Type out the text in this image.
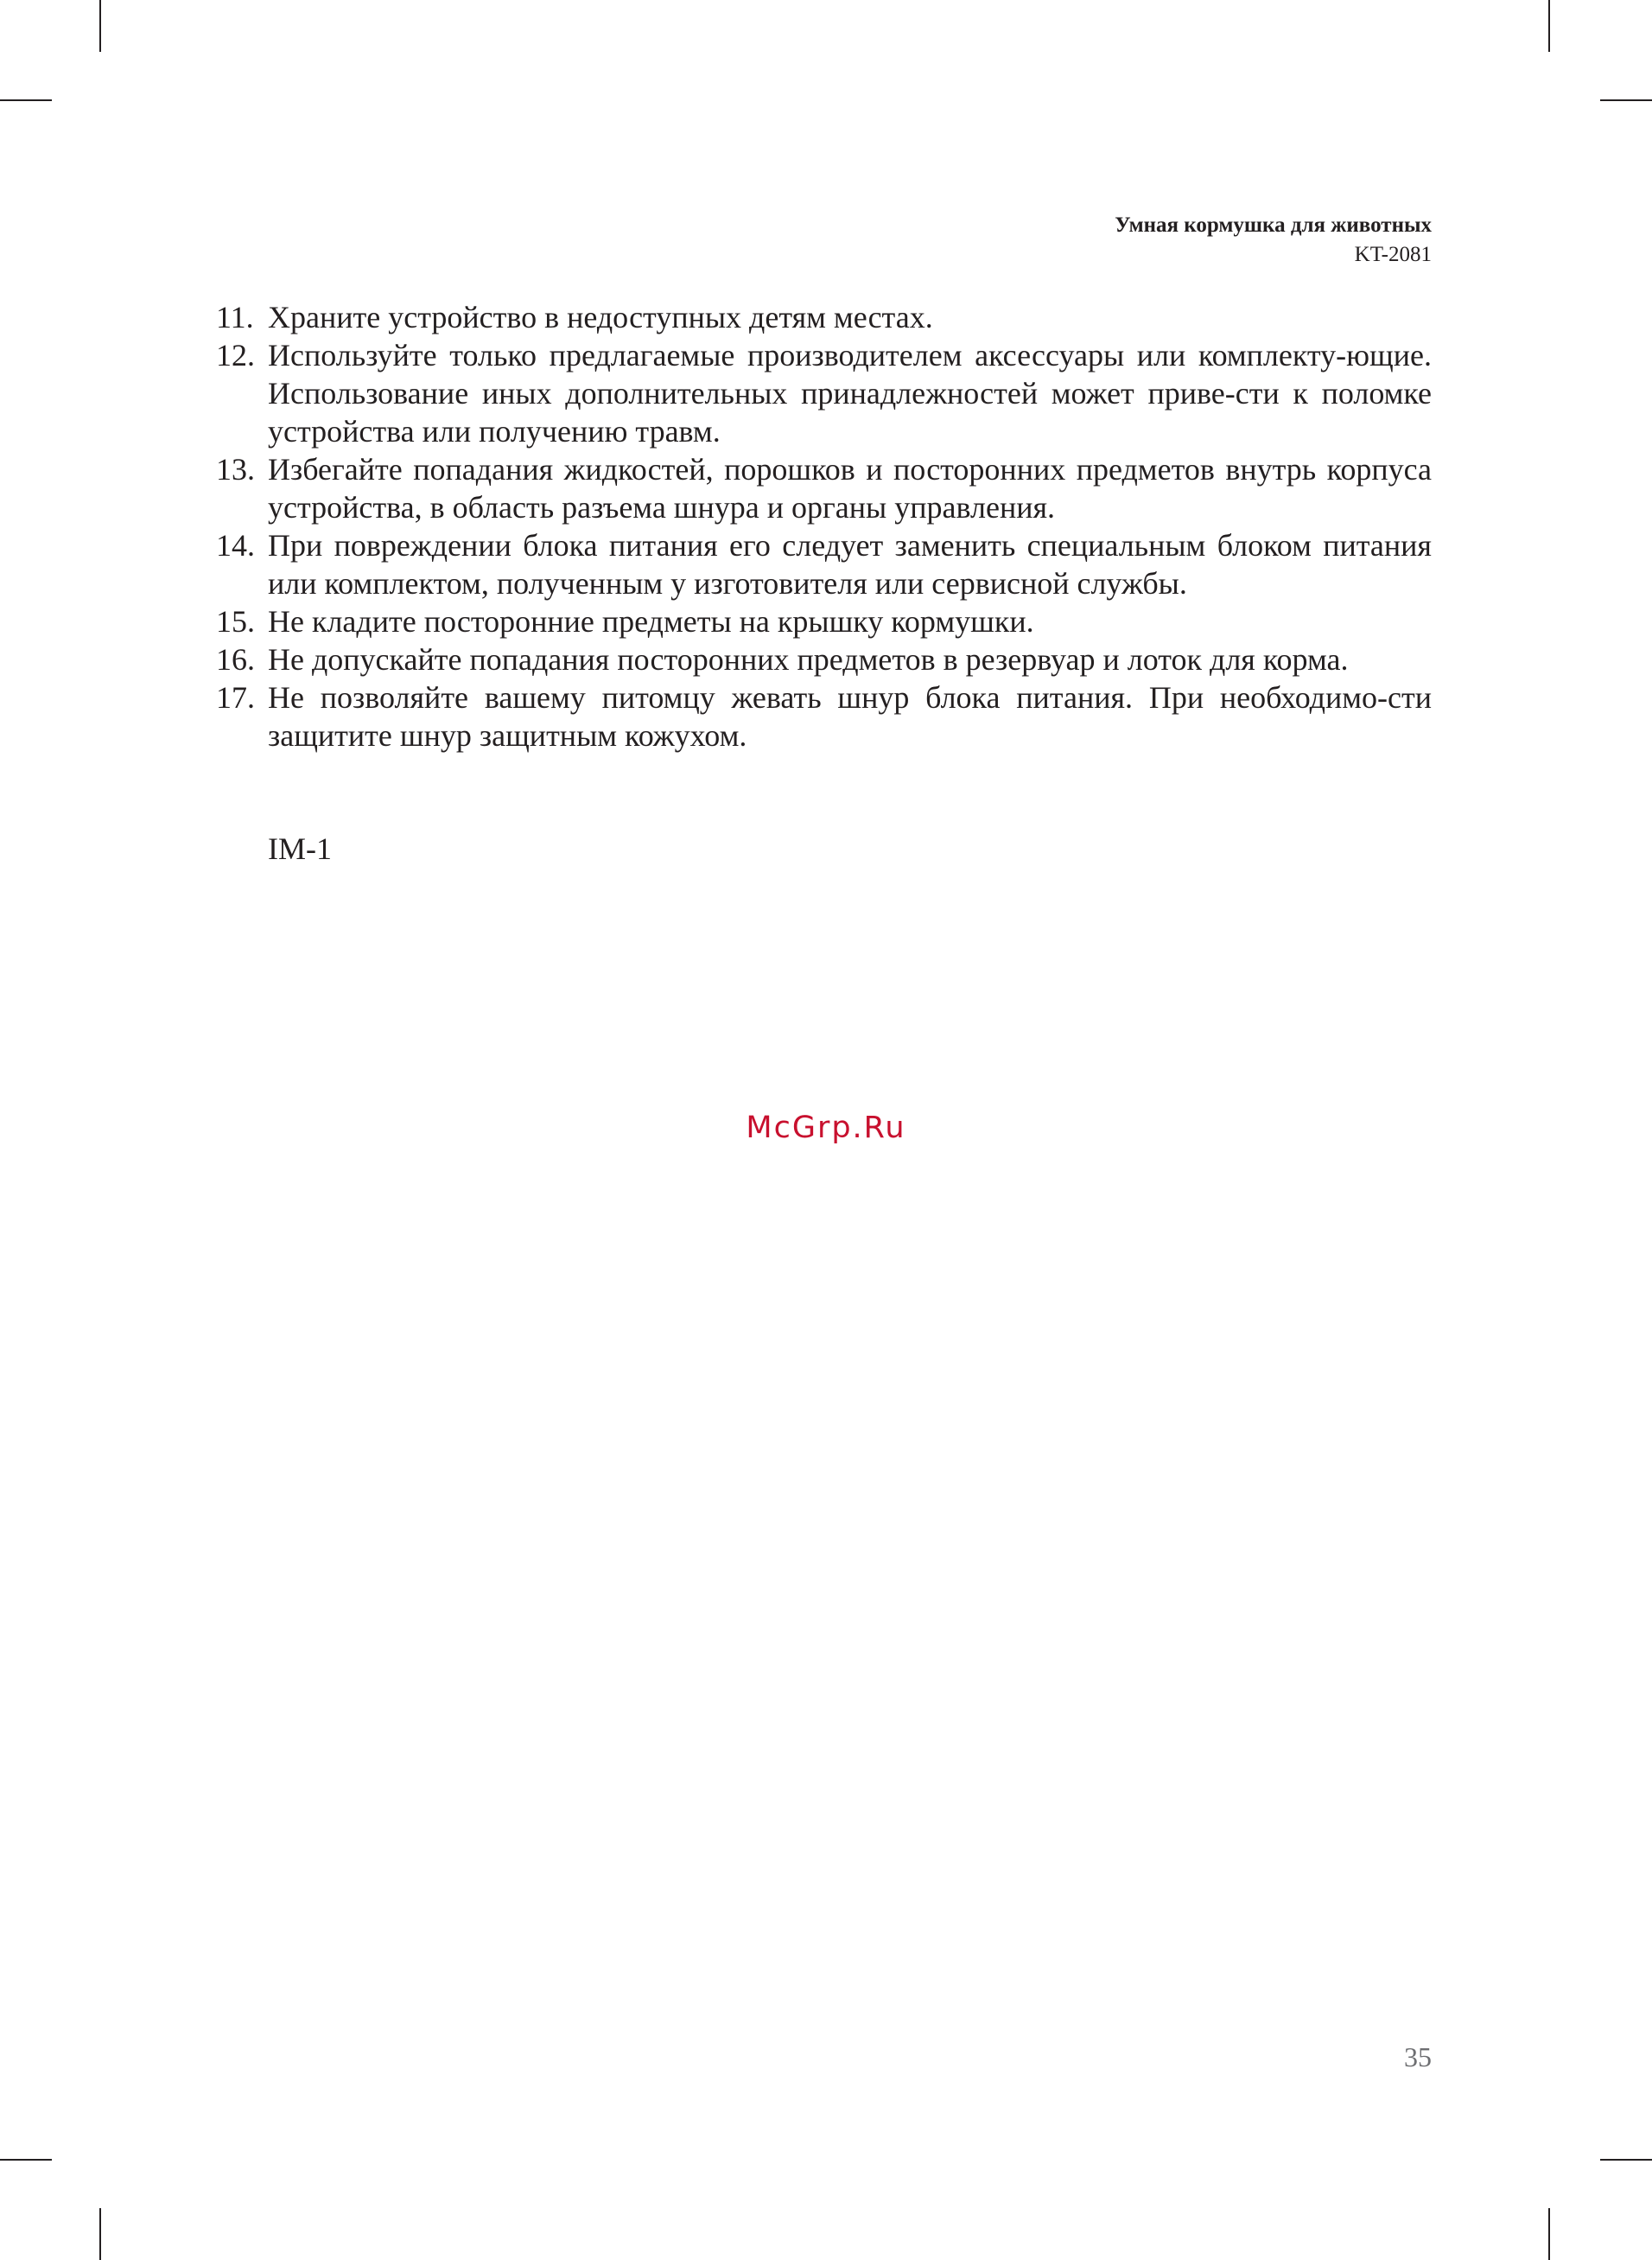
Умная кормушка для животных
KT-2081
11. Храните устройство в недоступных детям местах.
12. Используйте только предлагаемые производителем аксессуары или комплекту-ющие. Использование иных дополнительных принадлежностей может приве-сти к поломке устройства или получению травм.
13. Избегайте попадания жидкостей, порошков и посторонних предметов внутрь корпуса устройства, в область разъема шнура и органы управления.
14. При повреждении блока питания его следует заменить специальным блоком питания или комплектом, полученным у изготовителя или сервисной службы.
15. Не кладите посторонние предметы на крышку кормушки.
16. Не допускайте попадания посторонних предметов в резервуар и лоток для корма.
17. Не позволяйте вашему питомцу жевать шнур блока питания. При необходимо-сти защитите шнур защитным кожухом.
IM-1
McGrp.Ru
35
